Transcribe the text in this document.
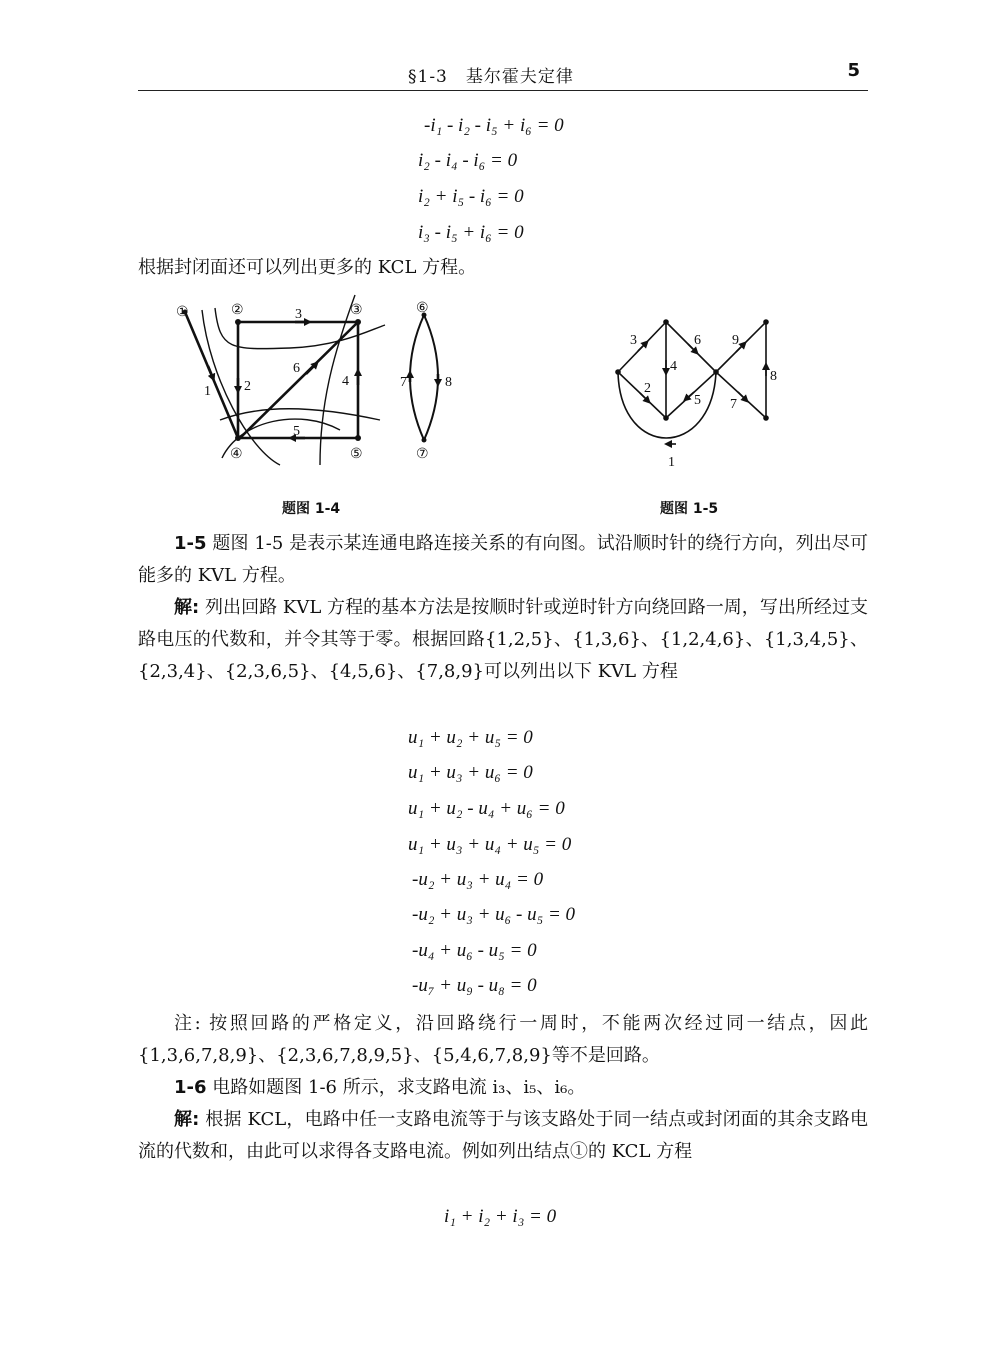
§1-3　基尔霍夫定律	5
-i₁ - i₂ - i₅ + i₆ = 0
i₂ - i₄ - i₆ = 0
i₂ + i₅ - i₆ = 0
i₃ - i₅ + i₆ = 0
根据封闭面还可以列出更多的 KCL 方程。
①	②	③
④	⑤
⑥
⑦
1 2
3
4
5
6
7	8
1
2
3
4
5
6
7
8
9
题图 1-4	题图 1-5
1-5 题图 1-5 是表示某连通电路连接关系的有向图。试沿顺时针的绕行方向，列出尽可能多的 KVL 方程。
解: 列出回路 KVL 方程的基本方法是按顺时针或逆时针方向绕回路一周，写出所经过支路电压的代数和，并令其等于零。根据回路{1,2,5}、{1,3,6}、{1,2,4,6}、{1,3,4,5}、{2,3,4}、{2,3,6,5}、{4,5,6}、{7,8,9}可以列出以下 KVL 方程
u₁ + u₂ + u₅ = 0
u₁ + u₃ + u₆ = 0
u₁ + u₂ - u₄ + u₆ = 0
u₁ + u₃ + u₄ + u₅ = 0
-u₂ + u₃ + u₄ = 0
-u₂ + u₃ + u₆ - u₅ = 0
-u₄ + u₆ - u₅ = 0
-u₇ + u₉ - u₈ = 0
注: 按照回路的严格定义，沿回路绕行一周时，不能两次经过同一结点，因此{1,3,6,7,8,9}、{2,3,6,7,8,9,5}、{5,4,6,7,8,9}等不是回路。
1-6 电路如题图 1-6 所示，求支路电流 i₃、i₅、i₆。
解: 根据 KCL，电路中任一支路电流等于与该支路处于同一结点或封闭面的其余支路电流的代数和，由此可以求得各支路电流。例如列出结点①的 KCL 方程
i₁ + i₂ + i₃ = 0
